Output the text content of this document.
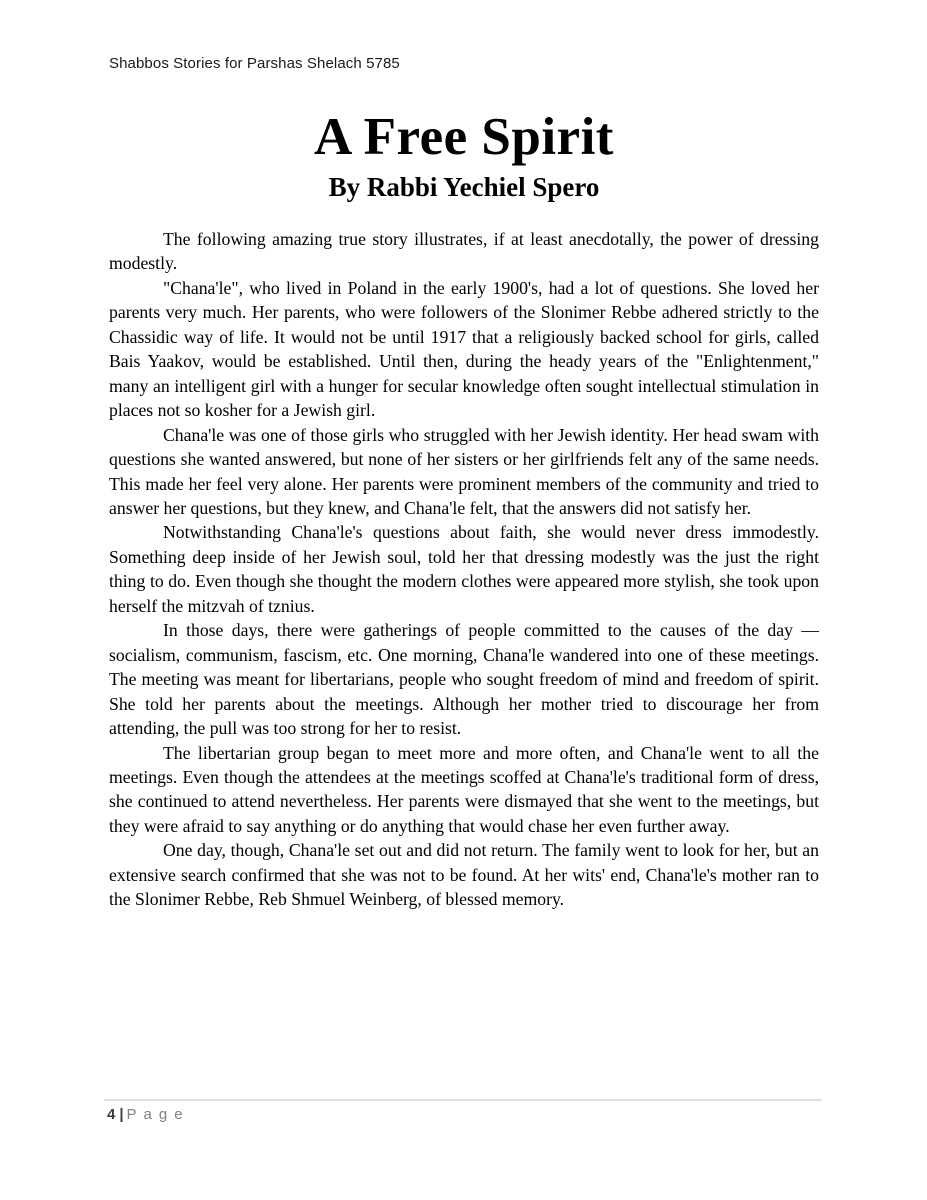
Shabbos Stories for Parshas Shelach 5785
A Free Spirit
By Rabbi Yechiel Spero

The following amazing true story illustrates, if at least anecdotally, the power of dressing modestly.

"Chana'le", who lived in Poland in the early 1900's, had a lot of questions. She loved her parents very much. Her parents, who were followers of the Slonimer Rebbe adhered strictly to the Chassidic way of life. It would not be until 1917 that a religiously backed school for girls, called Bais Yaakov, would be established. Until then, during the heady years of the "Enlightenment," many an intelligent girl with a hunger for secular knowledge often sought intellectual stimulation in places not so kosher for a Jewish girl.

Chana'le was one of those girls who struggled with her Jewish identity. Her head swam with questions she wanted answered, but none of her sisters or her girlfriends felt any of the same needs. This made her feel very alone. Her parents were prominent members of the community and tried to answer her questions, but they knew, and Chana'le felt, that the answers did not satisfy her.

Notwithstanding Chana'le's questions about faith, she would never dress immodestly. Something deep inside of her Jewish soul, told her that dressing modestly was the just the right thing to do. Even though she thought the modern clothes were appeared more stylish, she took upon herself the mitzvah of tznius.

In those days, there were gatherings of people committed to the causes of the day — socialism, communism, fascism, etc. One morning, Chana'le wandered into one of these meetings. The meeting was meant for libertarians, people who sought freedom of mind and freedom of spirit. She told her parents about the meetings. Although her mother tried to discourage her from attending, the pull was too strong for her to resist.

The libertarian group began to meet more and more often, and Chana'le went to all the meetings. Even though the attendees at the meetings scoffed at Chana'le's traditional form of dress, she continued to attend nevertheless. Her parents were dismayed that she went to the meetings, but they were afraid to say anything or do anything that would chase her even further away.

One day, though, Chana'le set out and did not return. The family went to look for her, but an extensive search confirmed that she was not to be found. At her wits' end, Chana'le's mother ran to the Slonimer Rebbe, Reb Shmuel Weinberg, of blessed memory.

4 | Page
